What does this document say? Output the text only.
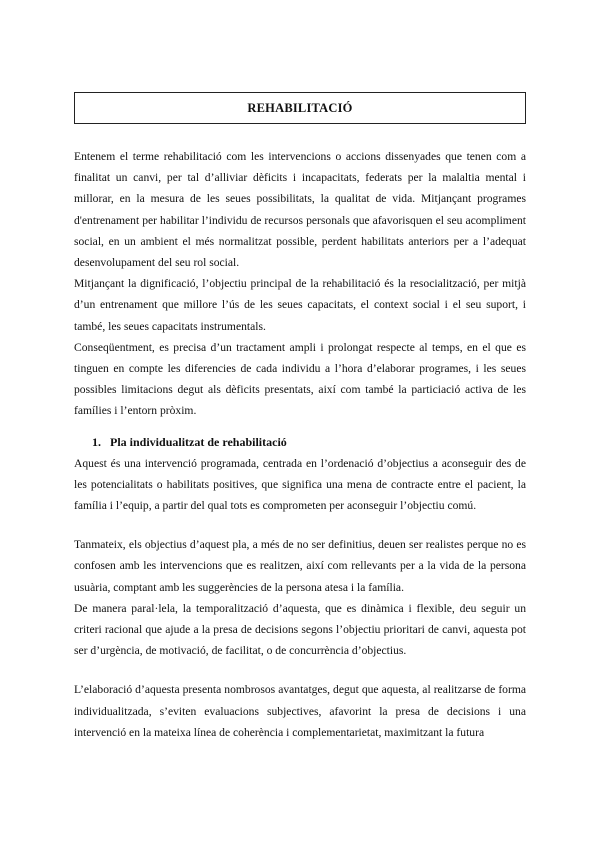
REHABILITACIÓ

Entenem el terme rehabilitació com les intervencions o accions dissenyades que tenen com a finalitat un canvi, per tal d’alliviar dèficits i incapacitats, federats per la malaltia mental i millorar, en la mesura de les seues possibilitats, la qualitat de vida. Mitjançant programes d'entrenament per habilitar l’individu de recursos personals que afavorisquen el seu acompliment social, en un ambient el més normalitzat possible, perdent habilitats anteriors per a l’adequat desenvolupament del seu rol social.

Mitjançant la dignificació, l’objectiu principal de la rehabilitació és la resocialització, per mitjà d’un entrenament que millore l’ús de les seues capacitats, el context social i el seu suport, i també, les seues capacitats instrumentals.

Conseqüentment, es precisa d’un tractament ampli i prolongat respecte al temps, en el que es tinguen en compte les diferencies de cada individu a l’hora d’elaborar programes, i les seues possibles limitacions degut als dèficits presentats, així com també la particiació activa de les famílies i l’entorn pròxim.

1. Pla individualitzat de rehabilitació

Aquest és una intervenció programada, centrada en l’ordenació d’objectius a aconseguir des de les potencialitats o habilitats positives, que significa una mena de contracte entre el pacient, la família i l’equip, a partir del qual tots es comprometen per aconseguir l’objectiu comú.

Tanmateix, els objectius d’aquest pla, a més de no ser definitius, deuen ser realistes perque no es confosen amb les intervencions que es realitzen, així com rellevants per a la vida de la persona usuària, comptant amb les suggerències de la persona atesa i la família.

De manera paral·lela, la temporalització d’aquesta, que es dinàmica i flexible, deu seguir un criteri racional que ajude a la presa de decisions segons l’objectiu prioritari de canvi, aquesta pot ser d’urgència, de motivació, de facilitat, o de concurrència d’objectius.

L’elaboració d’aquesta presenta nombrosos avantatges, degut que aquesta, al realitzarse de forma individualitzada, s’eviten evaluacions subjectives, afavorint la presa de decisions i una intervenció en la mateixa línea de coherència i complementarietat, maximitzant la futura
